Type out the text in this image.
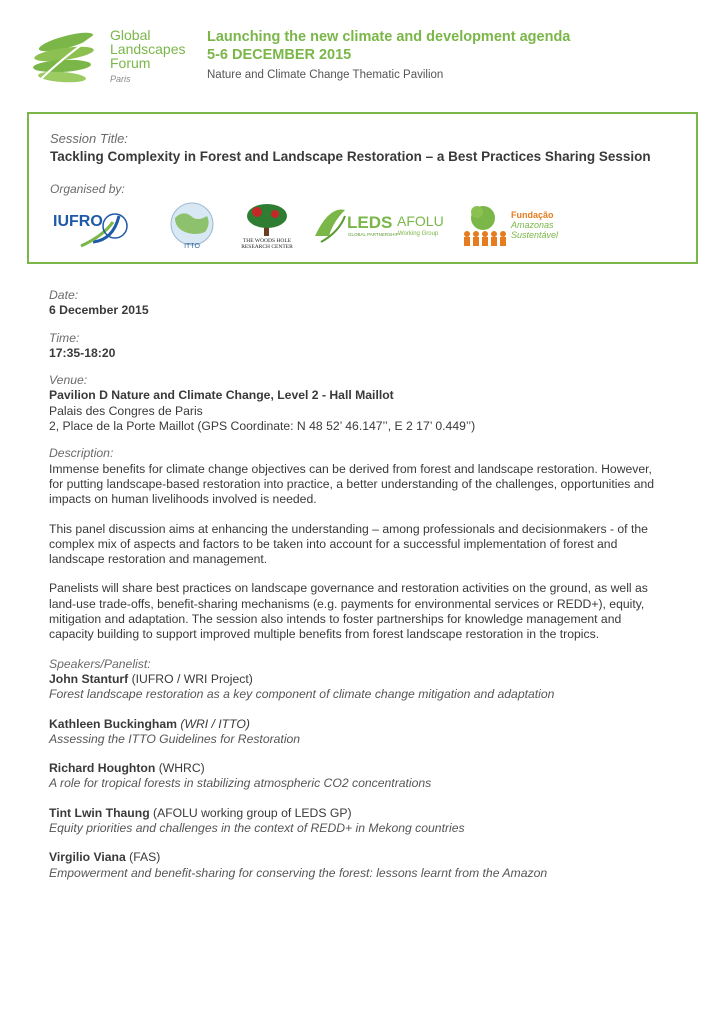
Global
Landscapes
Forum
Paris
Launching the new climate and development agenda
5-6 DECEMBER 2015
Nature and Climate Change Thematic Pavilion
Session Title:
Tackling Complexity in Forest and Landscape Restoration – a Best Practices Sharing Session
Organised by:
IUFRO
ITTO
THE WOODS HOLE
RESEARCH CENTER
LEDS
GLOBAL PARTNERSHIP
AFOLU
Working Group
Fundação
Amazonas
Sustentável
Date:
6 December 2015
Time:
17:35-18:20
Venue:
Pavilion D Nature and Climate Change, Level 2 - Hall Maillot
Palais des Congres de Paris
2, Place de la Porte Maillot (GPS Coordinate: N 48 52’ 46.147’’, E 2 17’ 0.449’’)
Description:

Immense benefits for climate change objectives can be derived from forest and landscape restoration. However, for putting landscape-based restoration into practice, a better understanding of the challenges, opportunities and impacts on human livelihoods involved is needed.

This panel discussion aims at enhancing the understanding – among professionals and decisionmakers - of the complex mix of aspects and factors to be taken into account for a successful implementation of forest and landscape restoration and management.

Panelists will share best practices on landscape governance and restoration activities on the ground, as well as land-use trade-offs, benefit-sharing mechanisms (e.g. payments for environmental services or REDD+), equity, mitigation and adaptation. The session also intends to foster partnerships for knowledge management and capacity building to support improved multiple benefits from forest landscape restoration in the tropics.

Speakers/Panelist:
John Stanturf (IUFRO / WRI Project)
Forest landscape restoration as a key component of climate change mitigation and adaptation
Kathleen Buckingham (WRI / ITTO)
Assessing the ITTO Guidelines for Restoration
Richard Houghton (WHRC)
A role for tropical forests in stabilizing atmospheric CO2 concentrations
Tint Lwin Thaung (AFOLU working group of LEDS GP)
Equity priorities and challenges in the context of REDD+ in Mekong countries
Virgilio Viana (FAS)
Empowerment and benefit-sharing for conserving the forest: lessons learnt from the Amazon
